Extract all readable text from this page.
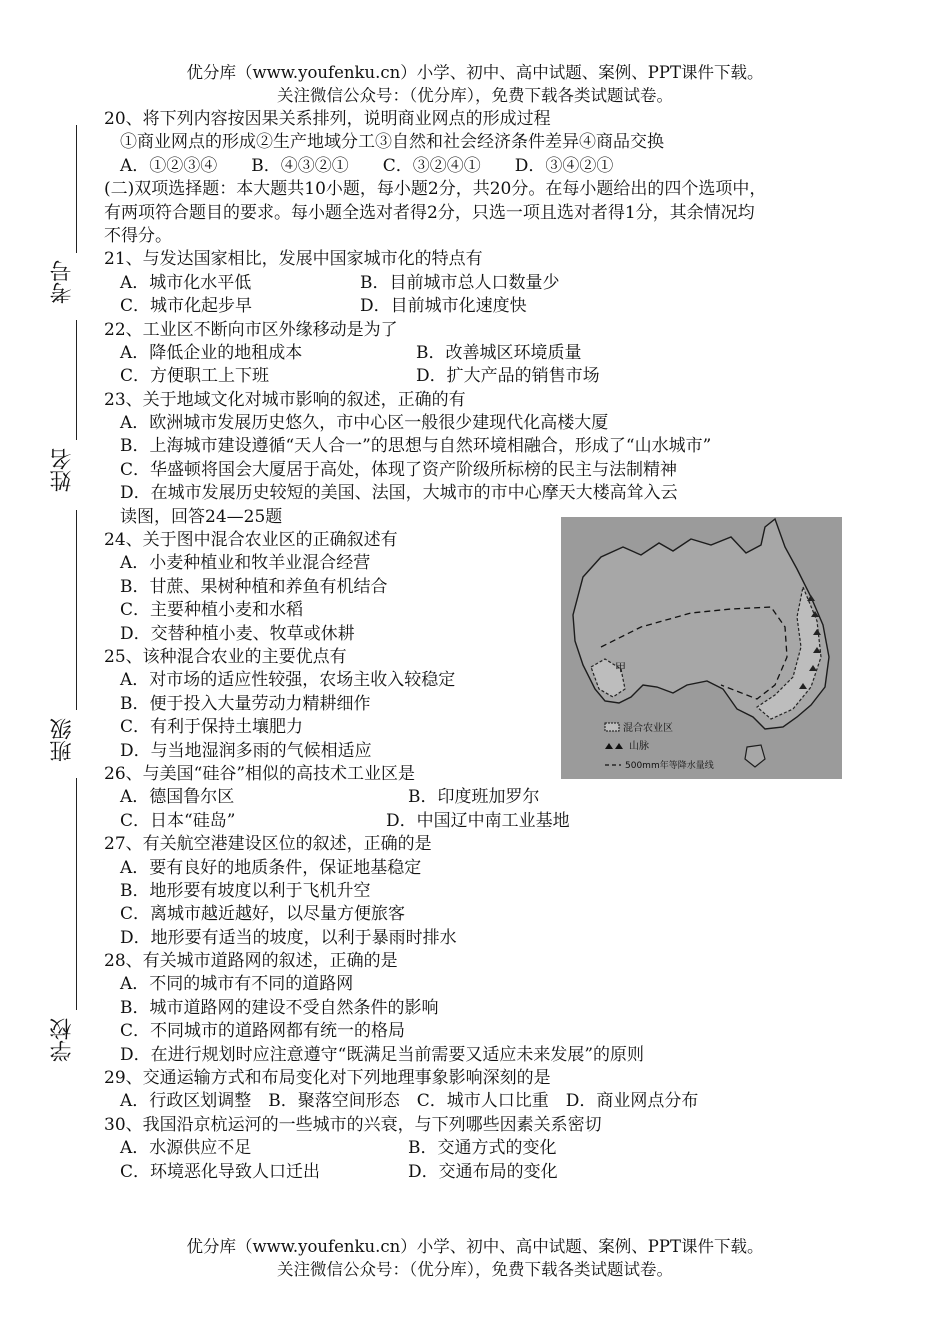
优分库（www.youfenku.cn）小学、初中、高中试题、案例、PPT课件下载。
关注微信公众号：（优分库），免费下载各类试题试卷。
考号
姓名
班级
学校
20、将下列内容按因果关系排列，说明商业网点的形成过程
①商业网点的形成②生产地域分工③自然和社会经济条件差异④商品交换
A．①②③④　　B．④③②①　　C．③②④①　　D．③④②①
(二)双项选择题：本大题共10小题，每小题2分，共20分。在每小题给出的四个选项中，
有两项符合题目的要求。每小题全选对者得2分，只选一项且选对者得1分，其余情况均
不得分。
21、与发达国家相比，发展中国家城市化的特点有
A．城市化水平低	B．目前城市总人口数量少
C．城市化起步早	D．目前城市化速度快
22、工业区不断向市区外缘移动是为了
A．降低企业的地租成本	B．改善城区环境质量
C．方便职工上下班	D．扩大产品的销售市场
23、关于地域文化对城市影响的叙述，正确的有
A．欧洲城市发展历史悠久，市中心区一般很少建现代化高楼大厦
B．上海城市建设遵循“天人合一”的思想与自然环境相融合，形成了“山水城市”
C．华盛顿将国会大厦居于高处，体现了资产阶级所标榜的民主与法制精神
D．在城市发展历史较短的美国、法国，大城市的市中心摩天大楼高耸入云
读图，回答24—25题
24、关于图中混合农业区的正确叙述有
A．小麦种植业和牧羊业混合经营
B．甘蔗、果树种植和养鱼有机结合
C．主要种植小麦和水稻
D．交替种植小麦、牧草或休耕
25、该种混合农业的主要优点有
A．对市场的适应性较强，农场主收入较稳定
B．便于投入大量劳动力精耕细作
C．有利于保持土壤肥力
D．与当地湿润多雨的气候相适应
26、与美国“硅谷”相似的高技术工业区是
A．德国鲁尔区	B．印度班加罗尔
C．日本“硅岛”	D．中国辽中南工业基地
27、有关航空港建设区位的叙述，正确的是
A．要有良好的地质条件，保证地基稳定
B．地形要有坡度以利于飞机升空
C．离城市越近越好，以尽量方便旅客
D．地形要有适当的坡度，以利于暴雨时排水
28、有关城市道路网的叙述，正确的是
A．不同的城市有不同的道路网
B．城市道路网的建设不受自然条件的影响
C．不同城市的道路网都有统一的格局
D．在进行规划时应注意遵守“既满足当前需要又适应未来发展”的原则
29、交通运输方式和布局变化对下列地理事象影响深刻的是
A．行政区划调整　B．聚落空间形态　C．城市人口比重　D．商业网点分布
30、我国沿京杭运河的一些城市的兴衰，与下列哪些因素关系密切
A．水源供应不足	B．交通方式的变化
C．环境恶化导致人口迁出	D．交通布局的变化
甲
混合农业区
山脉
500mm年等降水量线
优分库（www.youfenku.cn）小学、初中、高中试题、案例、PPT课件下载。
关注微信公众号：（优分库），免费下载各类试题试卷。
